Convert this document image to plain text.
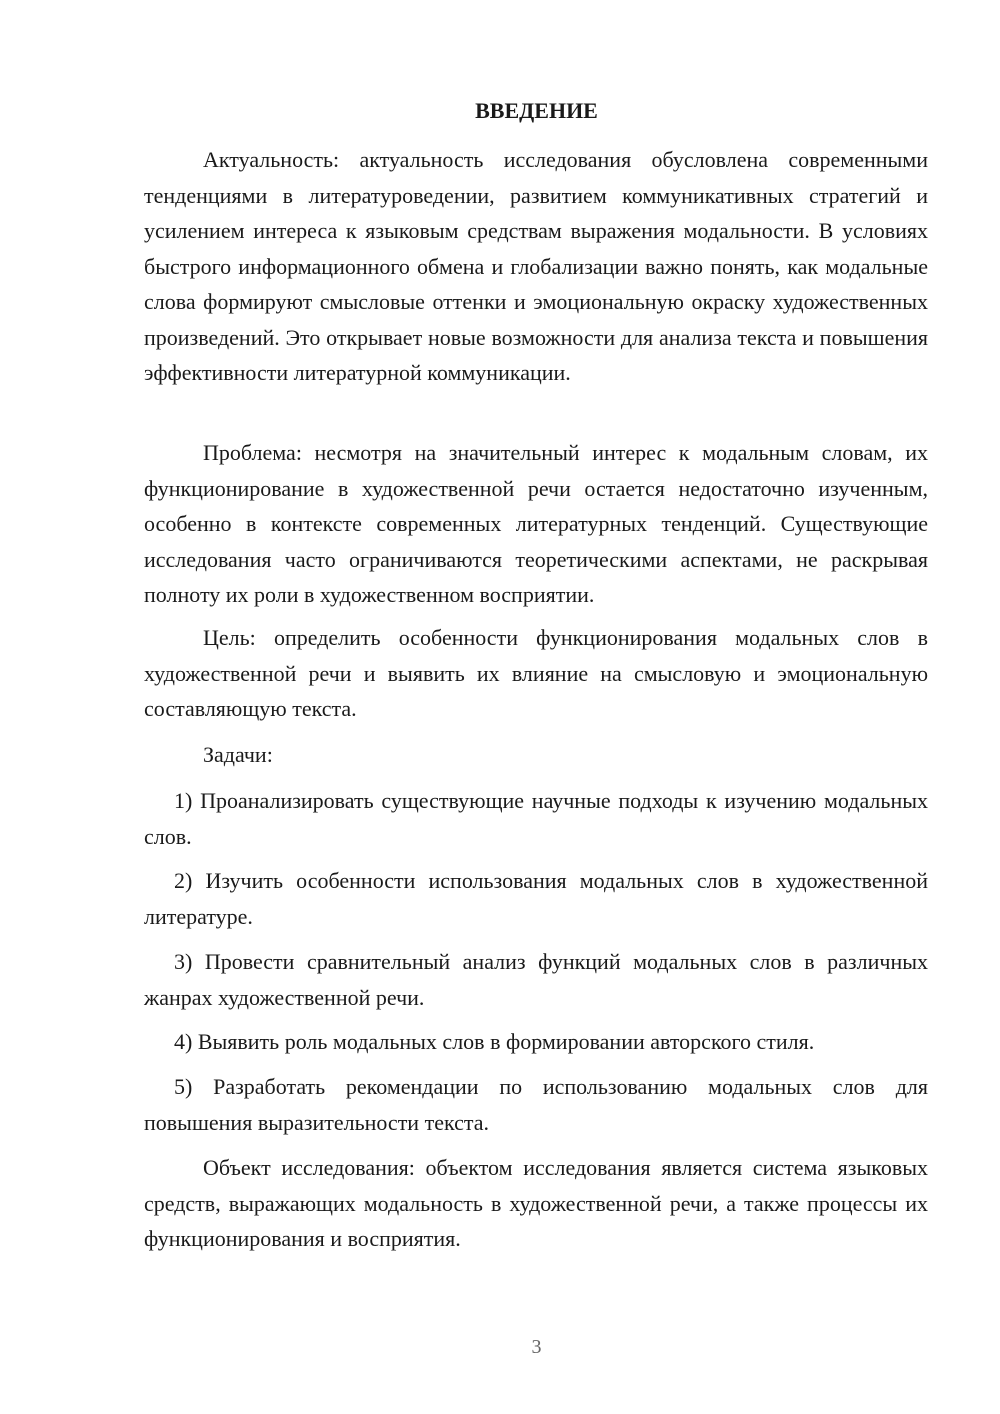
ВВЕДЕНИЕ

Актуальность: актуальность исследования обусловлена современными тенденциями в литературоведении, развитием коммуникативных стратегий и усилением интереса к языковым средствам выражения модальности. В условиях быстрого информационного обмена и глобализации важно понять, как модальные слова формируют смысловые оттенки и эмоциональную окраску художественных произведений. Это открывает новые возможности для анализа текста и повышения эффективности литературной коммуникации.

Проблема: несмотря на значительный интерес к модальным словам, их функционирование в художественной речи остается недостаточно изученным, особенно в контексте современных литературных тенденций. Существующие исследования часто ограничиваются теоретическими аспектами, не раскрывая полноту их роли в художественном восприятии.

Цель: определить особенности функционирования модальных слов в художественной речи и выявить их влияние на смысловую и эмоциональную составляющую текста.

Задачи:

1) Проанализировать существующие научные подходы к изучению модальных слов.

2) Изучить особенности использования модальных слов в художественной литературе.

3) Провести сравнительный анализ функций модальных слов в различных жанрах художественной речи.

4) Выявить роль модальных слов в формировании авторского стиля.

5) Разработать рекомендации по использованию модальных слов для повышения выразительности текста.

Объект исследования: объектом исследования является система языковых средств, выражающих модальность в художественной речи, а также процессы их функционирования и восприятия.

3
